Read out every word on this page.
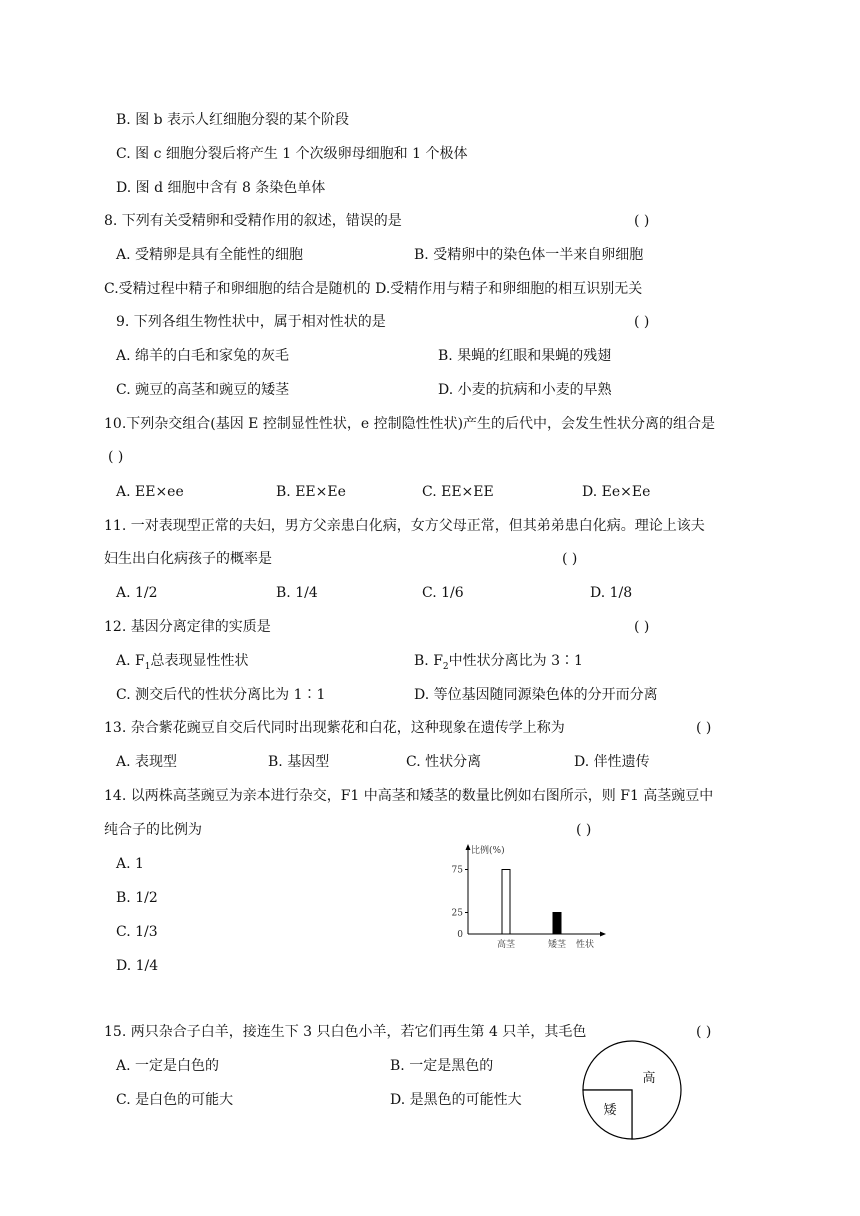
B. 图 b 表示人红细胞分裂的某个阶段
C. 图 c 细胞分裂后将产生 1 个次级卵母细胞和 1 个极体
D. 图 d 细胞中含有 8 条染色单体
8. 下列有关受精卵和受精作用的叙述，错误的是	( )
A. 受精卵是具有全能性的细胞	B. 受精卵中的染色体一半来自卵细胞
C.受精过程中精子和卵细胞的结合是随机的 D.受精作用与精子和卵细胞的相互识别无关
9. 下列各组生物性状中，属于相对性状的是	( )
A. 绵羊的白毛和家兔的灰毛	B. 果蝇的红眼和果蝇的残翅
C. 豌豆的高茎和豌豆的矮茎	D. 小麦的抗病和小麦的早熟
10.下列杂交组合(基因 E 控制显性性状，e 控制隐性性状)产生的后代中，会发生性状分离的组合是
( )
A. EE×ee	B. EE×Ee	C. EE×EE	D. Ee×Ee
11. 一对表现型正常的夫妇，男方父亲患白化病，女方父母正常，但其弟弟患白化病。理论上该夫
妇生出白化病孩子的概率是	( )
A. 1/2	B. 1/4	C. 1/6	D. 1/8
12. 基因分离定律的实质是	( )
A. $F_1$总表现显性性状	B. $F_2$中性状分离比为 3∶1
C. 测交后代的性状分离比为 1∶1	D. 等位基因随同源染色体的分开而分离
13. 杂合紫花豌豆自交后代同时出现紫花和白花，这种现象在遗传学上称为	( )
A. 表现型	B. 基因型	C. 性状分离	D. 伴性遗传
14. 以两株高茎豌豆为亲本进行杂交，F1 中高茎和矮茎的数量比例如右图所示，则 F1 高茎豌豆中
纯合子的比例为	( )
A. 1
B. 1/2
C. 1/3
D. 1/4
比例(%)
性状
0
25
75
高茎	矮茎
15. 两只杂合子白羊，接连生下 3 只白色小羊，若它们再生第 4 只羊，其毛色	( )
A. 一定是白色的	B. 一定是黑色的
C. 是白色的可能大	D. 是黑色的可能性大
高
矮
